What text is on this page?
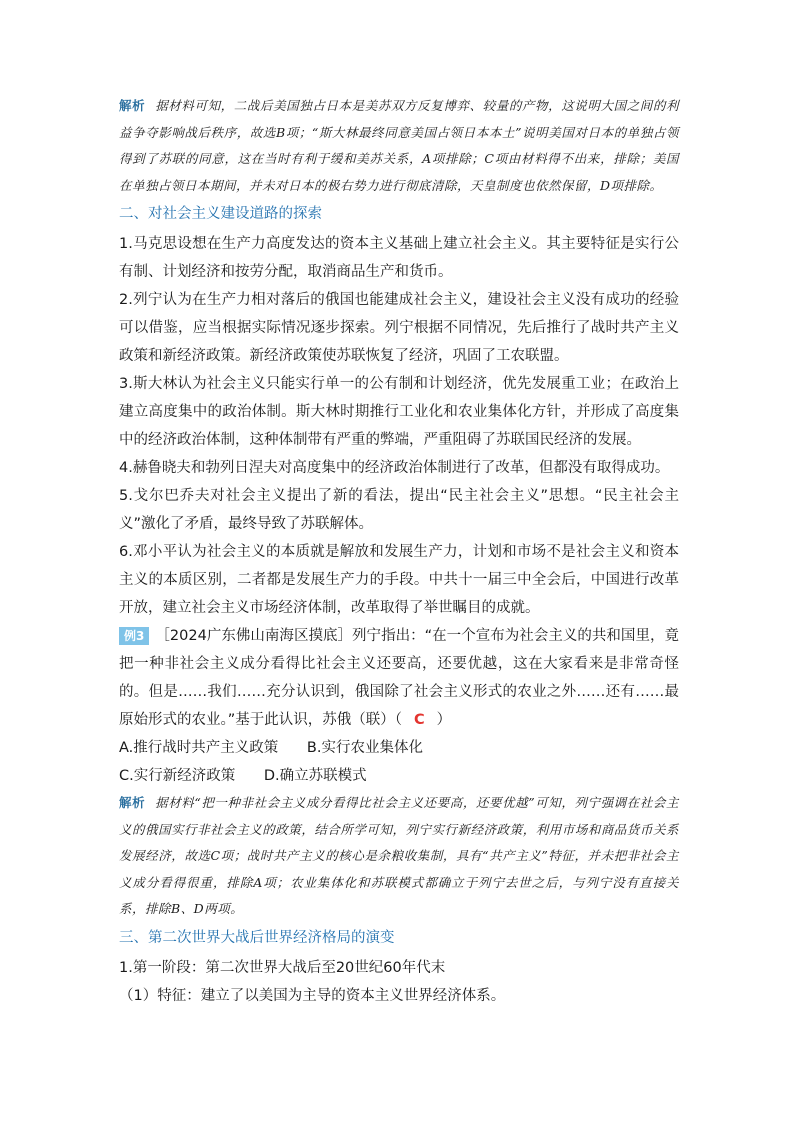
解析 据材料可知，二战后美国独占日本是美苏双方反复博弈、较量的产物，这说明大国之间的利益争夺影响战后秩序，故选B项；“斯大林最终同意美国占领日本本土”说明美国对日本的单独占领得到了苏联的同意，这在当时有利于缓和美苏关系，A项排除；C项由材料得不出来，排除；美国在单独占领日本期间，并未对日本的极右势力进行彻底清除，天皇制度也依然保留，D项排除。
二、对社会主义建设道路的探索
1.马克思设想在生产力高度发达的资本主义基础上建立社会主义。其主要特征是实行公有制、计划经济和按劳分配，取消商品生产和货币。
2.列宁认为在生产力相对落后的俄国也能建成社会主义，建设社会主义没有成功的经验可以借鉴，应当根据实际情况逐步探索。列宁根据不同情况，先后推行了战时共产主义政策和新经济政策。新经济政策使苏联恢复了经济，巩固了工农联盟。
3.斯大林认为社会主义只能实行单一的公有制和计划经济，优先发展重工业；在政治上建立高度集中的政治体制。斯大林时期推行工业化和农业集体化方针，并形成了高度集中的经济政治体制，这种体制带有严重的弊端，严重阻碍了苏联国民经济的发展。
4.赫鲁晓夫和勃列日涅夫对高度集中的经济政治体制进行了改革，但都没有取得成功。
5.戈尔巴乔夫对社会主义提出了新的看法，提出“民主社会主义”思想。“民主社会主义”激化了矛盾，最终导致了苏联解体。
6.邓小平认为社会主义的本质就是解放和发展生产力，计划和市场不是社会主义和资本主义的本质区别，二者都是发展生产力的手段。中共十一届三中全会后，中国进行改革开放，建立社会主义市场经济体制，改革取得了举世瞩目的成就。
例3 ［2024广东佛山南海区摸底］列宁指出：“在一个宣布为社会主义的共和国里，竟把一种非社会主义成分看得比社会主义还要高，还要优越，这在大家看来是非常奇怪的。但是……我们……充分认识到，俄国除了社会主义形式的农业之外……还有……最原始形式的农业。”基于此认识，苏俄（联）（ C ）
A.推行战时共产主义政策 B.实行农业集体化
C.实行新经济政策 D.确立苏联模式
解析 据材料“把一种非社会主义成分看得比社会主义还要高，还要优越”可知，列宁强调在社会主义的俄国实行非社会主义的政策，结合所学可知，列宁实行新经济政策，利用市场和商品货币关系发展经济，故选C项；战时共产主义的核心是余粮收集制，具有“共产主义”特征，并未把非社会主义成分看得很重，排除A项；农业集体化和苏联模式都确立于列宁去世之后，与列宁没有直接关系，排除B、D两项。
三、第二次世界大战后世界经济格局的演变
1.第一阶段：第二次世界大战后至20世纪60年代末
（1）特征：建立了以美国为主导的资本主义世界经济体系。
